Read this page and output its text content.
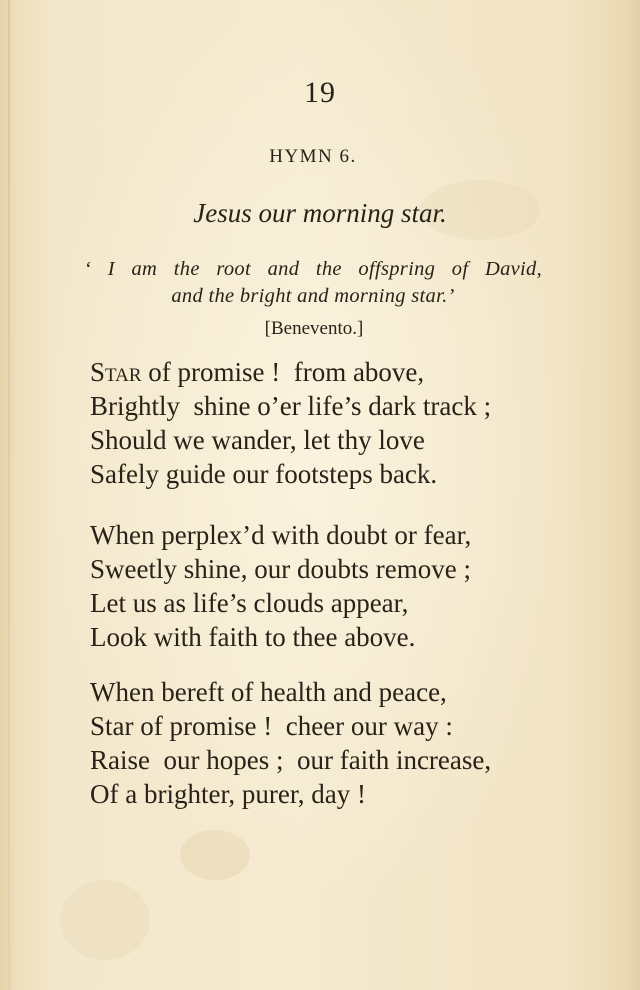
19
HYMN 6.
Jesus our morning star.
‘ I am the root and the offspring of David,
and the bright and morning star.’
[Benevento.]
Star of promise !  from above,
Brightly  shine o’er life’s dark track ;
Should we wander, let thy love
Safely guide our footsteps back.
When perplex’d with doubt or fear,
Sweetly shine, our doubts remove ;
Let us as life’s clouds appear,
Look with faith to thee above.
When bereft of health and peace,
Star of promise !  cheer our way :
Raise  our hopes ;  our faith increase,
Of a brighter, purer, day !
